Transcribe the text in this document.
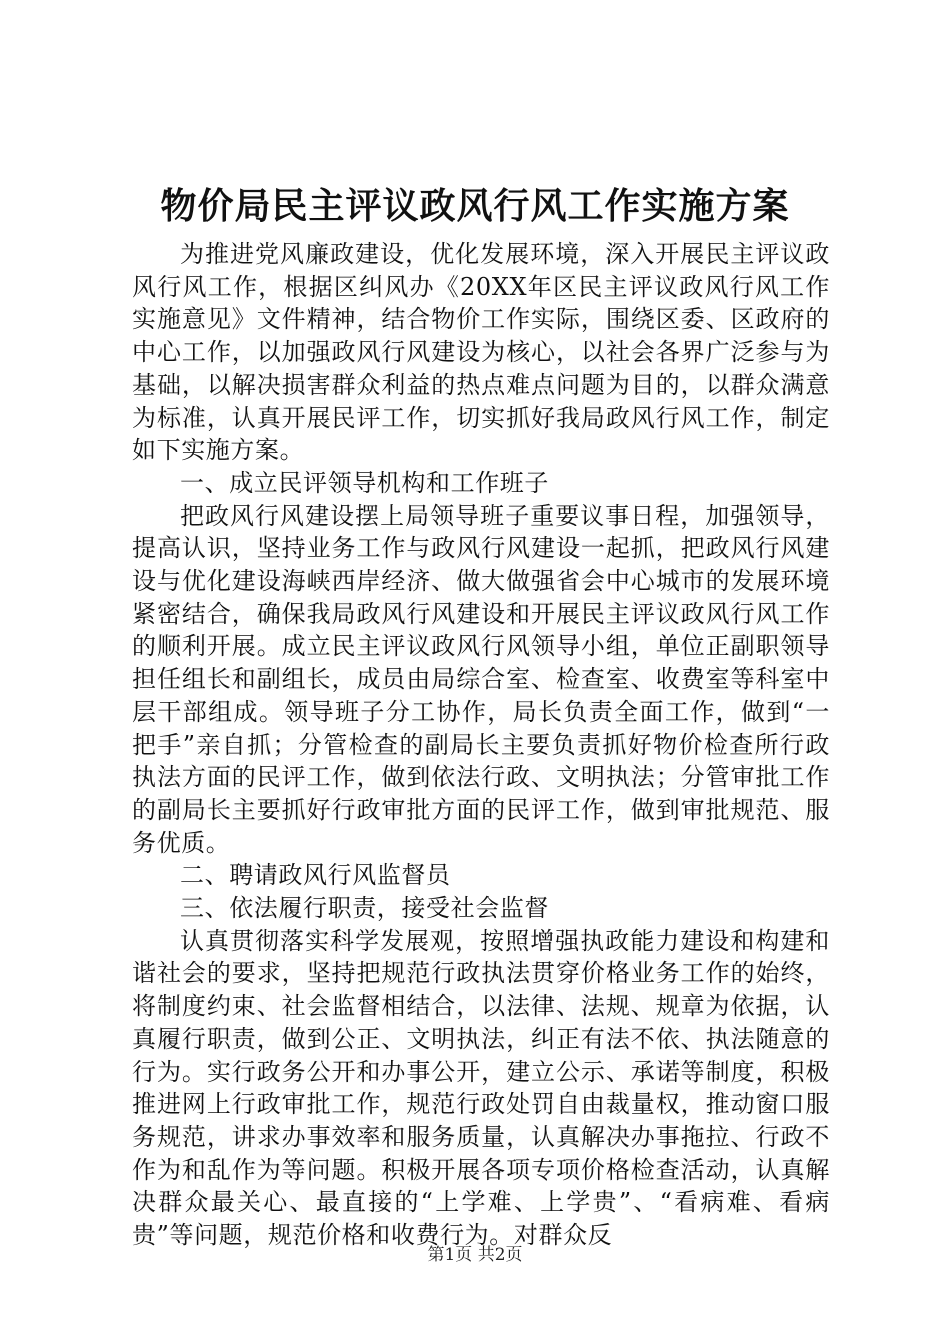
物价局民主评议政风行风工作实施方案

为推进党风廉政建设，优化发展环境，深入开展民主评议政风行风工作，根据区纠风办《20XX年区民主评议政风行风工作实施意见》文件精神，结合物价工作实际，围绕区委、区政府的中心工作，以加强政风行风建设为核心，以社会各界广泛参与为基础，以解决损害群众利益的热点难点问题为目的，以群众满意为标准，认真开展民评工作，切实抓好我局政风行风工作，制定如下实施方案。

一、成立民评领导机构和工作班子

把政风行风建设摆上局领导班子重要议事日程，加强领导，提高认识，坚持业务工作与政风行风建设一起抓，把政风行风建设与优化建设海峡西岸经济、做大做强省会中心城市的发展环境紧密结合，确保我局政风行风建设和开展民主评议政风行风工作的顺利开展。成立民主评议政风行风领导小组，单位正副职领导担任组长和副组长，成员由局综合室、检查室、收费室等科室中层干部组成。领导班子分工协作，局长负责全面工作，做到“一把手”亲自抓；分管检查的副局长主要负责抓好物价检查所行政执法方面的民评工作，做到依法行政、文明执法；分管审批工作的副局长主要抓好行政审批方面的民评工作，做到审批规范、服务优质。

二、聘请政风行风监督员

三、依法履行职责，接受社会监督

认真贯彻落实科学发展观，按照增强执政能力建设和构建和谐社会的要求，坚持把规范行政执法贯穿价格业务工作的始终，将制度约束、社会监督相结合，以法律、法规、规章为依据，认真履行职责，做到公正、文明执法，纠正有法不依、执法随意的行为。实行政务公开和办事公开，建立公示、承诺等制度，积极推进网上行政审批工作，规范行政处罚自由裁量权，推动窗口服务规范，讲求办事效率和服务质量，认真解决办事拖拉、行政不作为和乱作为等问题。积极开展各项专项价格检查活动，认真解决群众最关心、最直接的“上学难、上学贵”、“看病难、看病贵”等问题，规范价格和收费行为。对群众反

第1页 共2页
